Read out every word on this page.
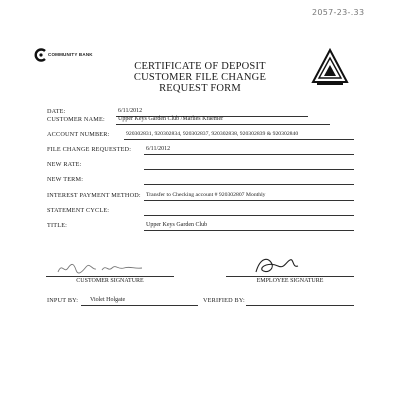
2057-23-.33
COMMUNITY BANK
CERTIFICATE OF DEPOSIT
CUSTOMER FILE CHANGE
REQUEST FORM
DATE:	6/11/2012
CUSTOMER NAME: Upper Keys Garden Club /Marlies Kraemer
ACCOUNT NUMBER:	920302831, 920302834, 920302837, 920302838, 920302839 & 920302840
FILE CHANGE REQUESTED: 6/11/2012
NEW RATE:
NEW TERM:
INTEREST PAYMENT METHOD: Transfer to Checking account # 920302807 Monthly
STATEMENT CYCLE:
TITLE:	Upper Keys Garden Club
CUSTOMER SIGNATURE	EMPLOYEE SIGNATURE
INPUT BY: Violet Holgate	VERIFIED BY:
